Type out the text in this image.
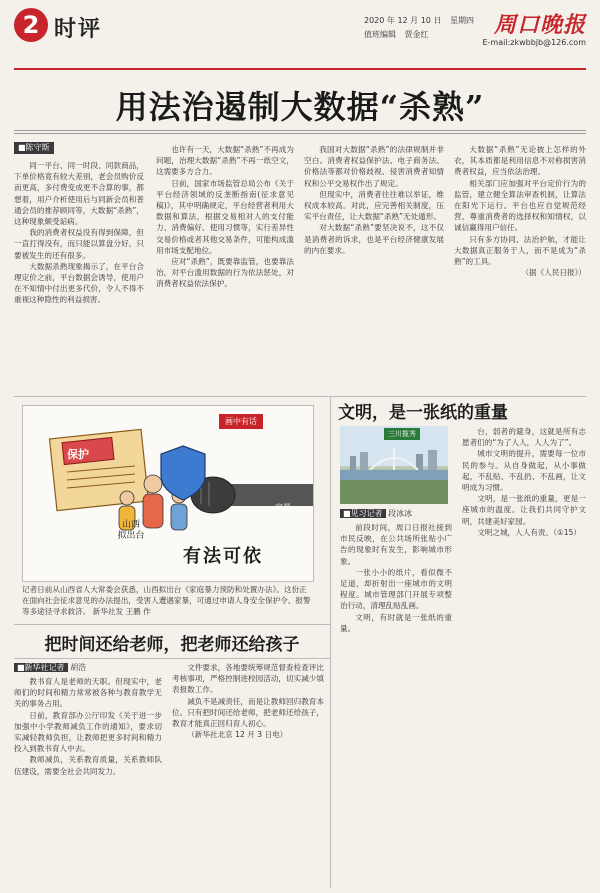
2 时评	2020 年 12 月 10 日 星期四
值班编辑 贾金红	周口晚报
E-mail:zkwbbjb@126.com
用法治遏制大数据“杀熟”
■陈守斯

同一平台、同一时段、同款商品，下单价格竟有较大差别，老会员购价反而更高，多付费变成更不合算的事，都想着，用户介析使用后与同新会员和普通会员的推荐顾同等，大数据“杀熟”，这种现象颇受诟病。

我的消费者权益没有得到保障，但一直打得没有，而只能以算盘分好，只要被发生的还有很多。

大数据杀熟现象揭示了，在平台合理定价之前，平台数据会诱导，使用户在不知情中付出更多代价，令人不得不重视这种隐性的利益损害。

也许有一天，大数据“杀熟”不再成为问题，治理大数据“杀熟”不再一纸空文，这需要多方合力。

日前，国家市场监管总局公布《关于平台经济领域的反垄断指南(征求意见稿)》，其中明确规定，平台经营者利用大数据和算法，根据交易相对人的支付能力、消费偏好、使用习惯等，实行差异性交易价格或者其他交易条件，可能构成滥用市场支配地位。

应对“杀熟”，既要靠监管，也要靠法治，对平台滥用数据的行为依法惩处，对消费者权益依法保护。

我国对大数据“杀熟”的法律规制并非空白。消费者权益保护法、电子商务法、价格法等都对价格歧视、侵害消费者知情权和公平交易权作出了规定。

但现实中，消费者往往难以举证，维权成本较高。对此，应完善相关制度，压实平台责任，让大数据“杀熟”无处遁形。

对大数据“杀熟”要坚决说不，这不仅是消费者的诉求，也是平台经济健康发展的内在要求。

大数据“杀熟”无论披上怎样的外衣，其本质都是利用信息不对称损害消费者权益，应当依法治理。

相关部门应加强对平台定价行为的监管，建立健全算法审查机制，让算法在阳光下运行。平台也应自觉规范经营，尊重消费者的选择权和知情权，以诚信赢得用户信任。

只有多方协同、法治护航，才能让大数据真正服务于人，而不是成为“杀熟”的工具。

（据《人民日报》）
画中有话
保护
山西
拟出台
家暴
有法可依
记者日前从山西省人大常委会获悉，山西拟出台《家庭暴力预防和处置办法》。这份正在面向社会征求意见的办法提出，受害人遭遇家暴，可通过申请人身安全保护令、报警等多途径寻求救济。 新华社发 王鹏 作
把时间还给老师，把老师还给孩子
■新华社记者 胡浩

教书育人是老师的天职。但现实中，老师们的时间和精力常常被各种与教育教学无关的事务占用。

日前，教育部办公厅印发《关于进一步加强中小学教师减负工作的通知》，要求切实减轻教师负担，让教师把更多时间和精力投入到教书育人中去。

教师减负，关系教育质量，关系教师队伍建设，需要全社会共同发力。

文件要求，各地要统筹规范督查检查评比考核事项，严格控制进校园活动，切实减少填表报数工作。

减负不是减责任，而是让教师回归教育本位。只有把时间还给老师，把老师还给孩子，教育才能真正回归育人初心。

（新华社北京 12 月 3 日电）

文明，是一张纸的重量
三川揽秀
■见习记者 段冰冰

前段时间，周口日报社接到市民反映，在公共场所张贴小广告的现象时有发生，影响城市形象。

一张小小的纸片，看似微不足道，却折射出一座城市的文明程度。城市管理部门开展专项整治行动，清理乱贴乱画。

文明，有时就是一张纸的重量。

台，弱者的避身，这就是所有志愿者们的“为了人人，人人为了”。

城市文明的提升，需要每一位市民的参与。从自身做起，从小事做起，不乱贴、不乱扔、不乱画，让文明成为习惯。

文明，是一张纸的重量，更是一座城市的温度。让我们共同守护文明，共建美好家园。

文明之城，人人有责。（①15）
